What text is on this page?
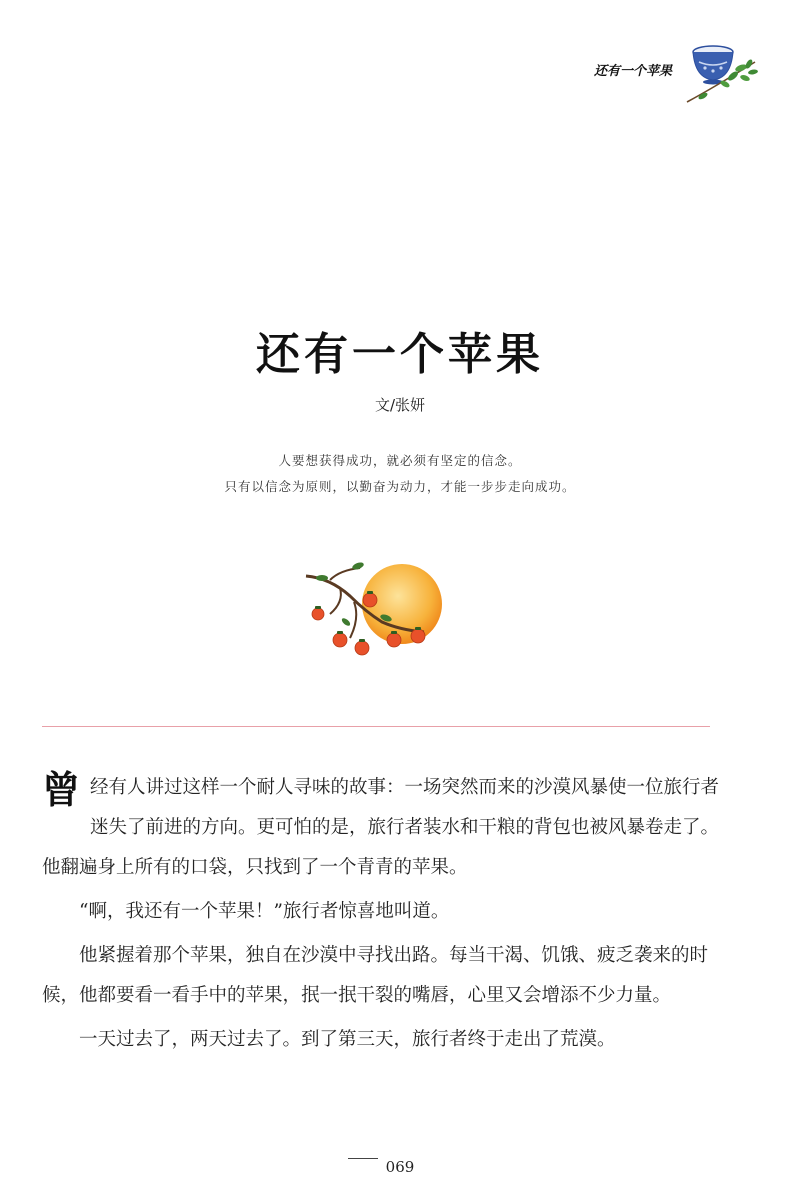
还有一个苹果
还有一个苹果
文/张妍
人要想获得成功，就必须有坚定的信念。
只有以信念为原则，以勤奋为动力，才能一步步走向成功。

曾 经有人讲过这样一个耐人寻味的故事：一场突然而来的沙漠风暴使一位旅行者迷失了前进的方向。更可怕的是，旅行者装水和干粮的背包也被风暴卷走了。他翻遍身上所有的口袋，只找到了一个青青的苹果。

“啊，我还有一个苹果！”旅行者惊喜地叫道。

他紧握着那个苹果，独自在沙漠中寻找出路。每当干渴、饥饿、疲乏袭来的时候，他都要看一看手中的苹果，抿一抿干裂的嘴唇，心里又会增添不少力量。

一天过去了，两天过去了。到了第三天，旅行者终于走出了荒漠。

069
